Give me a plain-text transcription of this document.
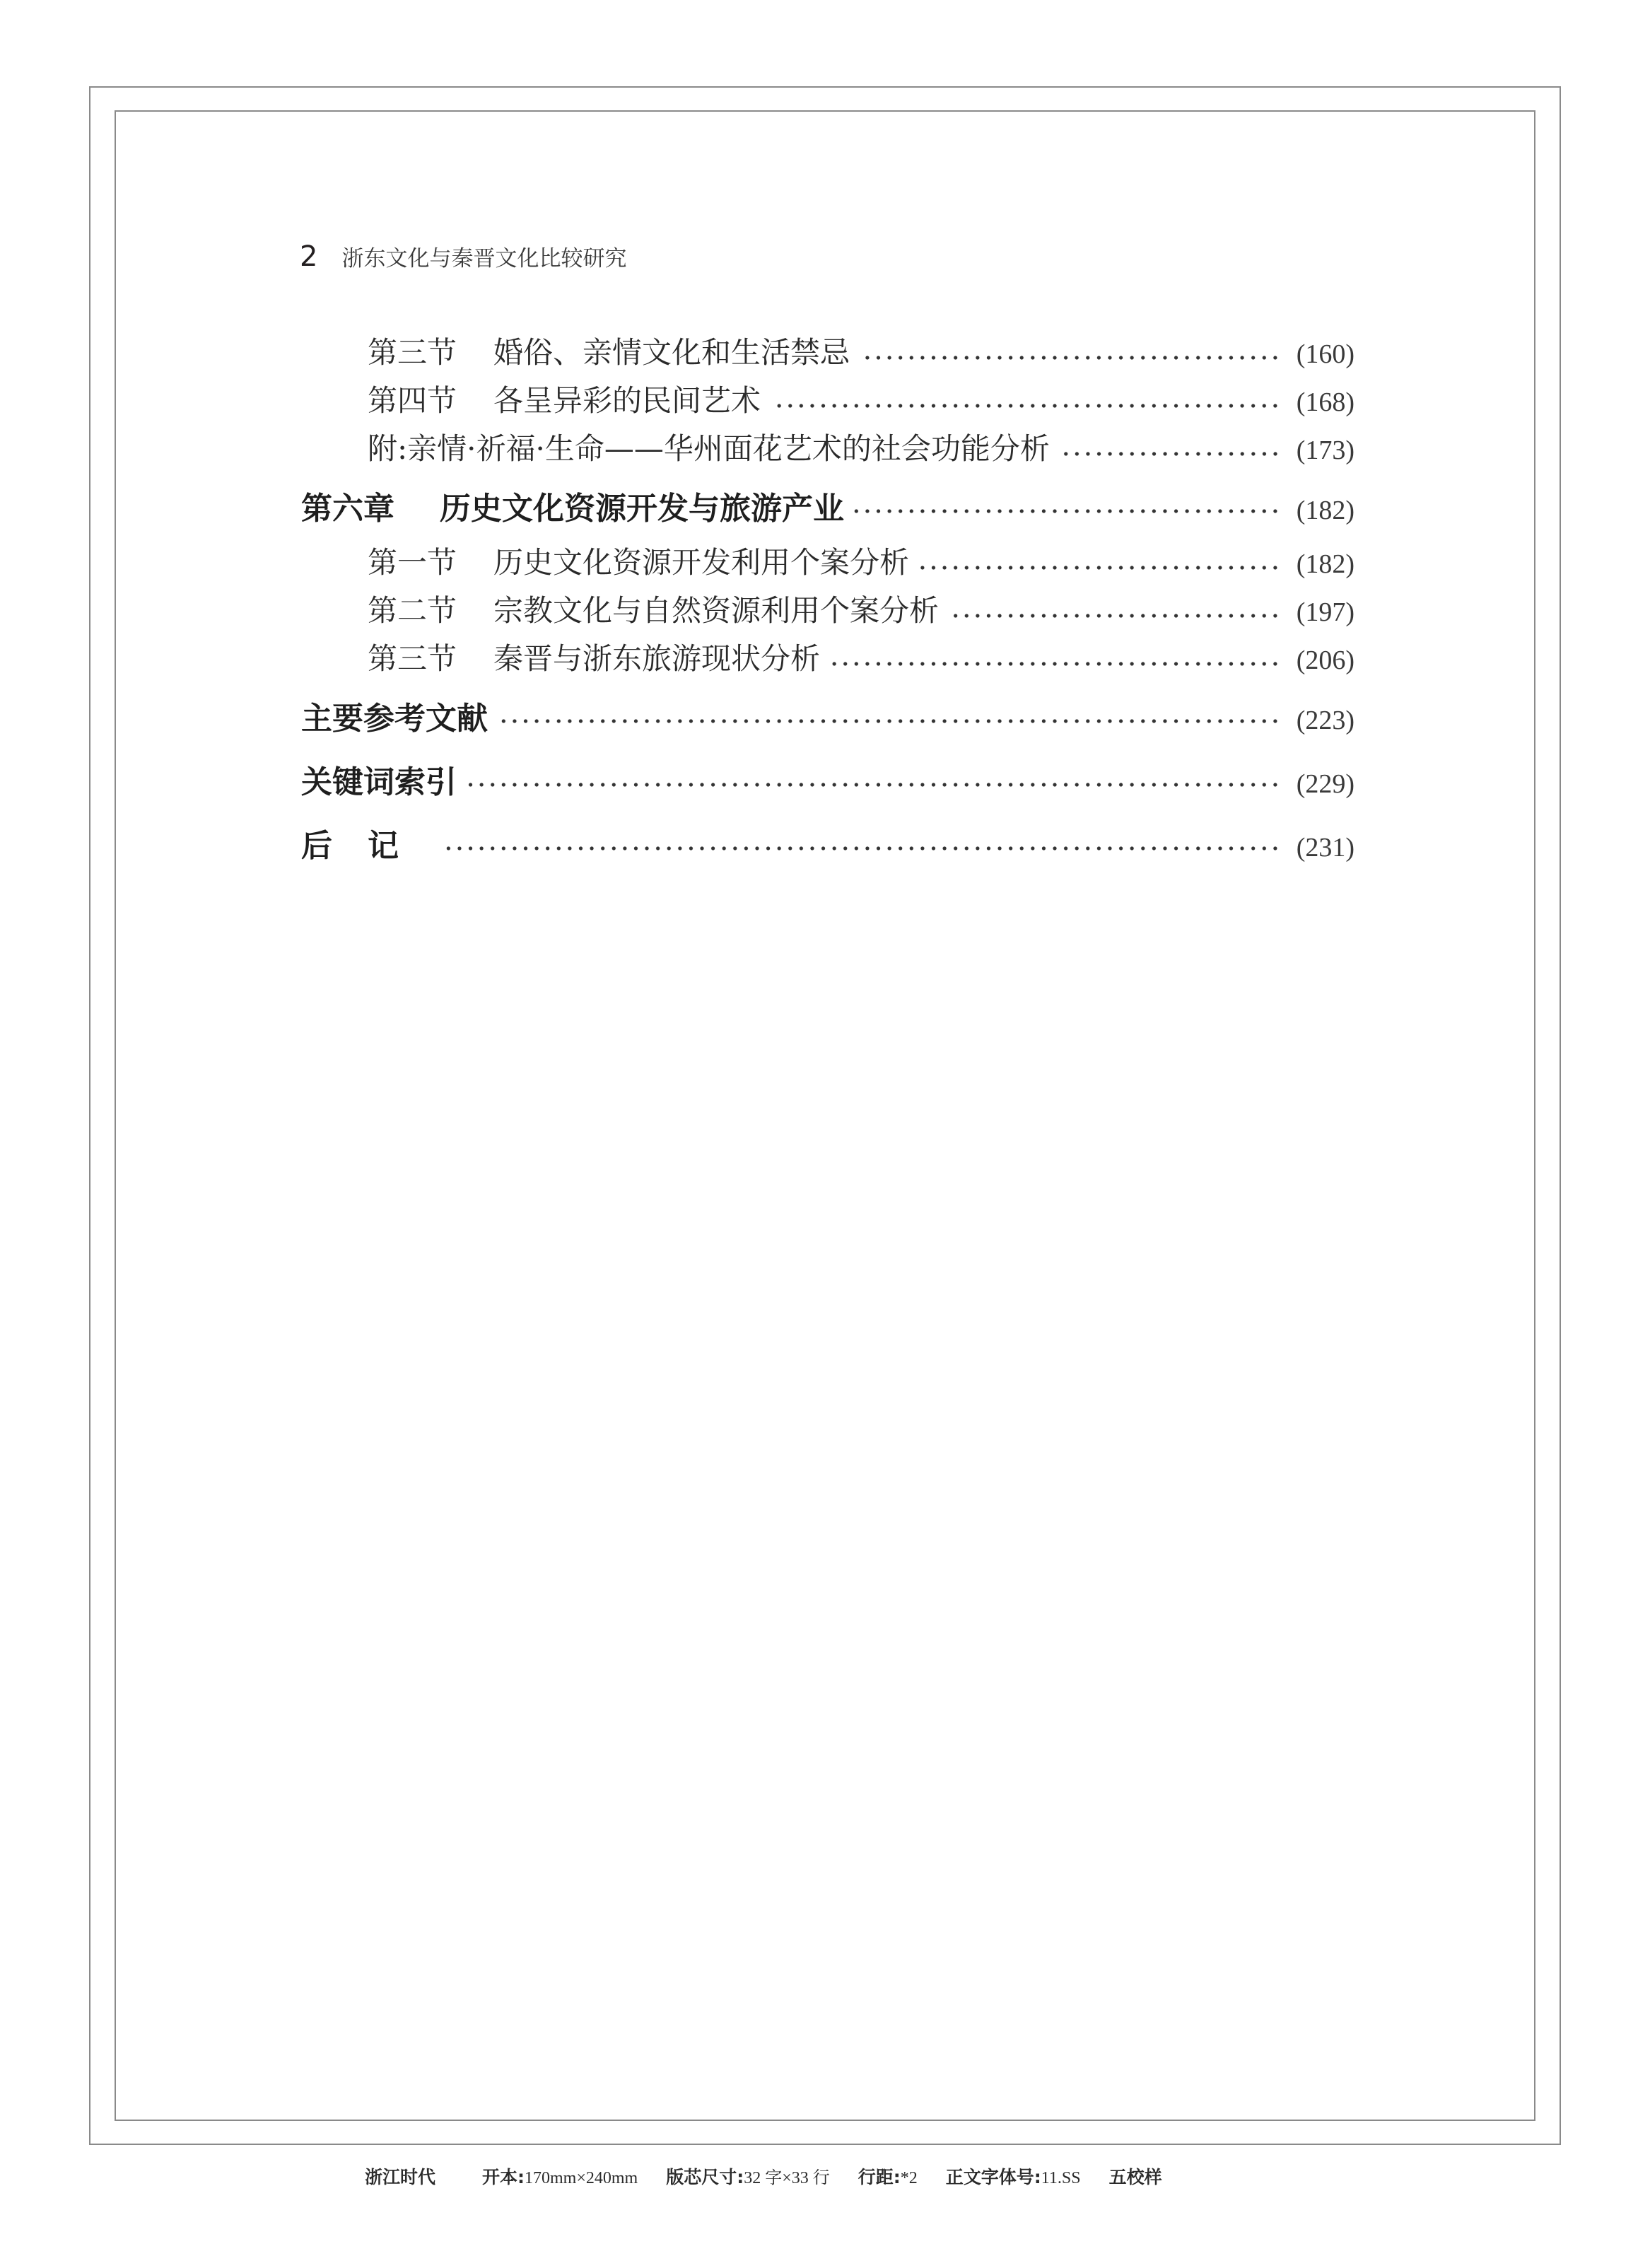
2 浙东文化与秦晋文化比较研究
第三节 婚俗、亲情文化和生活禁忌	(160)
第四节 各呈异彩的民间艺术	(168)
附:亲情·祈福·生命——华州面花艺术的社会功能分析	(173)
第六章 历史文化资源开发与旅游产业	(182)
第一节 历史文化资源开发利用个案分析	(182)
第二节 宗教文化与自然资源利用个案分析	(197)
第三节 秦晋与浙东旅游现状分析	(206)
主要参考文献	(223)
关键词索引	(229)
后记	(231)
浙江时代	开本:170mm×240mm 版芯尺寸:32 字×33 行 行距:*2 正文字体号:11.SS 五校样
